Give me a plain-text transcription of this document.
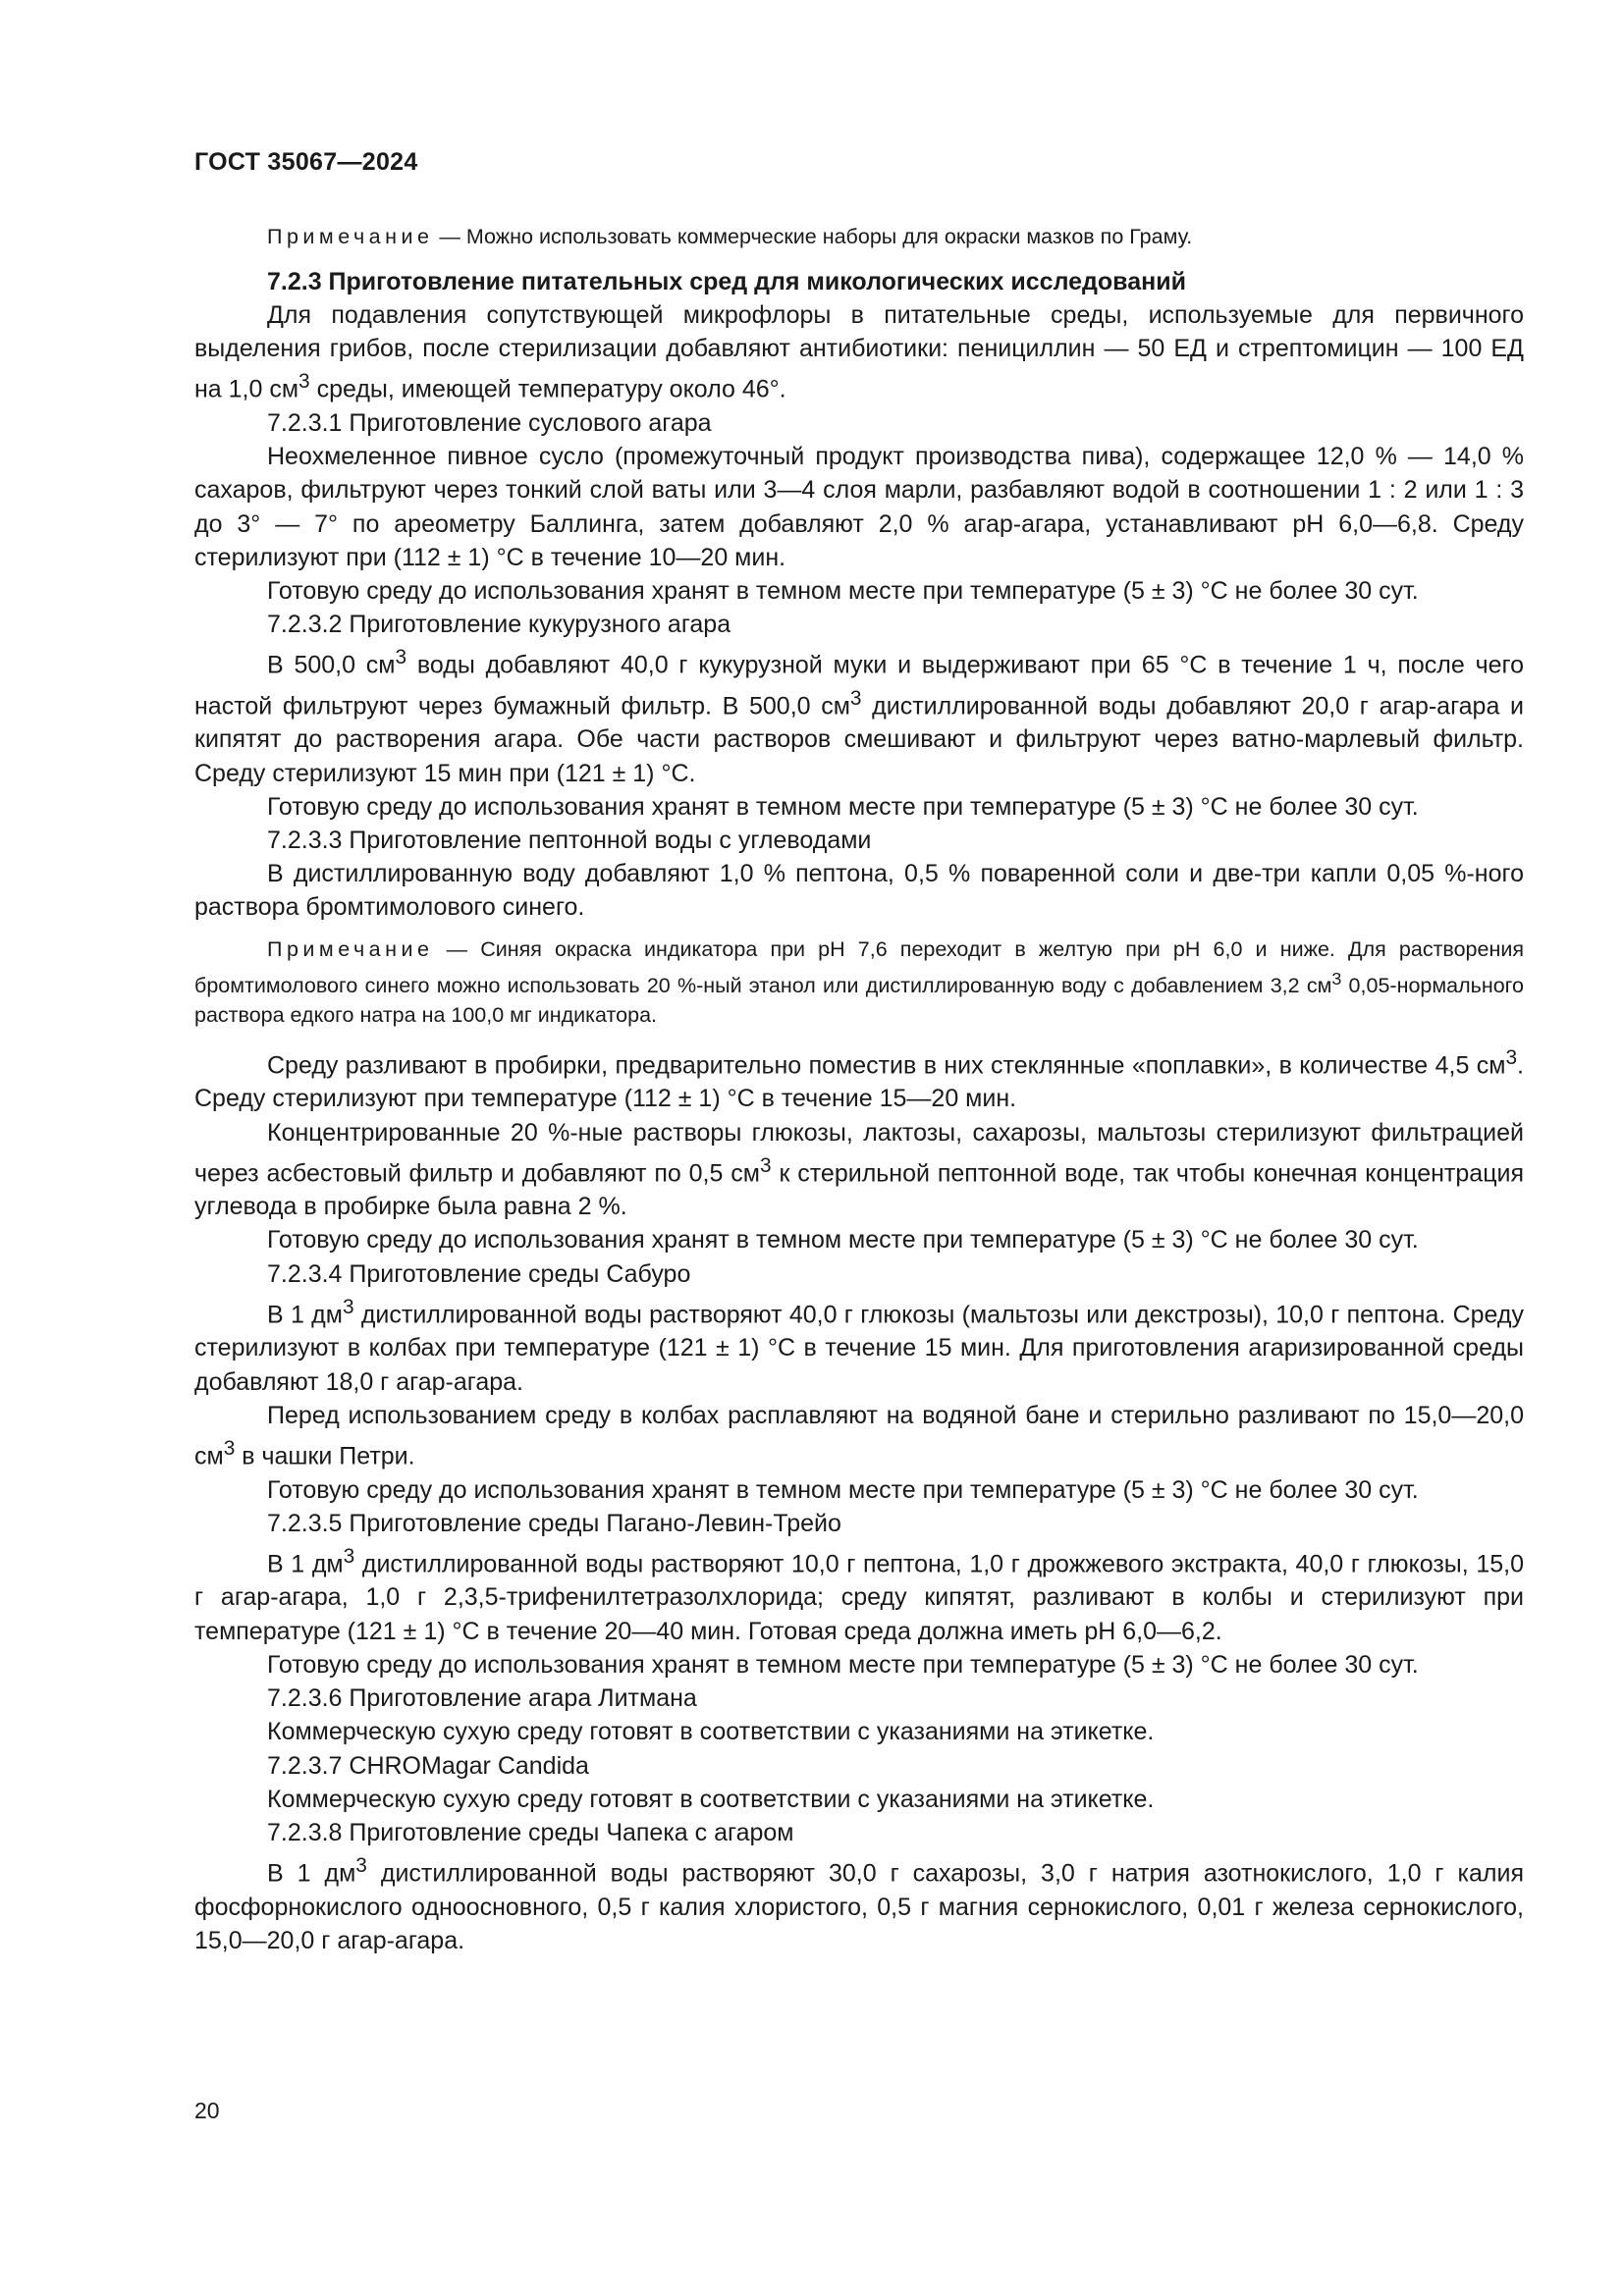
ГОСТ 35067—2024

Примечание — Можно использовать коммерческие наборы для окраски мазков по Граму.

7.2.3 Приготовление питательных сред для микологических исследований

Для подавления сопутствующей микрофлоры в питательные среды, используемые для первичного выделения грибов, после стерилизации добавляют антибиотики: пенициллин — 50 ЕД и стрептомицин — 100 ЕД на 1,0 $см^3$ среды, имеющей температуру около 46°.

7.2.3.1 Приготовление суслового агара

Неохмеленное пивное сусло (промежуточный продукт производства пива), содержащее 12,0 % — 14,0 % сахаров, фильтруют через тонкий слой ваты или 3—4 слоя марли, разбавляют водой в соотношении 1 : 2 или 1 : 3 до 3° — 7° по ареометру Баллинга, затем добавляют 2,0 % агар-агара, устанавливают рН 6,0—6,8. Среду стерилизуют при (112 ± 1) °С в течение 10—20 мин.

Готовую среду до использования хранят в темном месте при температуре (5 ± 3) °С не более 30 сут.

7.2.3.2 Приготовление кукурузного агара

В 500,0 $см^3$ воды добавляют 40,0 г кукурузной муки и выдерживают при 65 °С в течение 1 ч, после чего настой фильтруют через бумажный фильтр. В 500,0 $см^3$ дистиллированной воды добавляют 20,0 г агар-агара и кипятят до растворения агара. Обе части растворов смешивают и фильтруют через ватно-марлевый фильтр. Среду стерилизуют 15 мин при (121 ± 1) °С.

Готовую среду до использования хранят в темном месте при температуре (5 ± 3) °С не более 30 сут.

7.2.3.3 Приготовление пептонной воды с углеводами

В дистиллированную воду добавляют 1,0 % пептона, 0,5 % поваренной соли и две-три капли 0,05 %-ного раствора бромтимолового синего.

Примечание — Синяя окраска индикатора при рН 7,6 переходит в желтую при рН 6,0 и ниже. Для растворения бромтимолового синего можно использовать 20 %-ный этанол или дистиллированную воду с добавлением 3,2 $см^3$ 0,05-нормального раствора едкого натра на 100,0 мг индикатора.

Среду разливают в пробирки, предварительно поместив в них стеклянные «поплавки», в количестве 4,5 $см^3$. Среду стерилизуют при температуре (112 ± 1) °С в течение 15—20 мин.

Концентрированные 20 %-ные растворы глюкозы, лактозы, сахарозы, мальтозы стерилизуют фильтрацией через асбестовый фильтр и добавляют по 0,5 $см^3$ к стерильной пептонной воде, так чтобы конечная концентрация углевода в пробирке была равна 2 %.

Готовую среду до использования хранят в темном месте при температуре (5 ± 3) °С не более 30 сут.

7.2.3.4 Приготовление среды Сабуро

В 1 $дм^3$ дистиллированной воды растворяют 40,0 г глюкозы (мальтозы или декстрозы), 10,0 г пептона. Среду стерилизуют в колбах при температуре (121 ± 1) °С в течение 15 мин. Для приготовления агаризированной среды добавляют 18,0 г агар-агара.

Перед использованием среду в колбах расплавляют на водяной бане и стерильно разливают по 15,0—20,0 $см^3$ в чашки Петри.

Готовую среду до использования хранят в темном месте при температуре (5 ± 3) °С не более 30 сут.

7.2.3.5 Приготовление среды Пагано-Левин-Трейо

В 1 $дм^3$ дистиллированной воды растворяют 10,0 г пептона, 1,0 г дрожжевого экстракта, 40,0 г глюкозы, 15,0 г агар-агара, 1,0 г 2,3,5-трифенилтетразолхлорида; среду кипятят, разливают в колбы и стерилизуют при температуре (121 ± 1) °С в течение 20—40 мин. Готовая среда должна иметь рН 6,0—6,2.

Готовую среду до использования хранят в темном месте при температуре (5 ± 3) °С не более 30 сут.

7.2.3.6 Приготовление агара Литмана

Коммерческую сухую среду готовят в соответствии с указаниями на этикетке.

7.2.3.7 CHROMagar Candida

Коммерческую сухую среду готовят в соответствии с указаниями на этикетке.

7.2.3.8 Приготовление среды Чапека с агаром

В 1 $дм^3$ дистиллированной воды растворяют 30,0 г сахарозы, 3,0 г натрия азотнокислого, 1,0 г калия фосфорнокислого одноосновного, 0,5 г калия хлористого, 0,5 г магния сернокислого, 0,01 г железа сернокислого, 15,0—20,0 г агар-агара.

20
